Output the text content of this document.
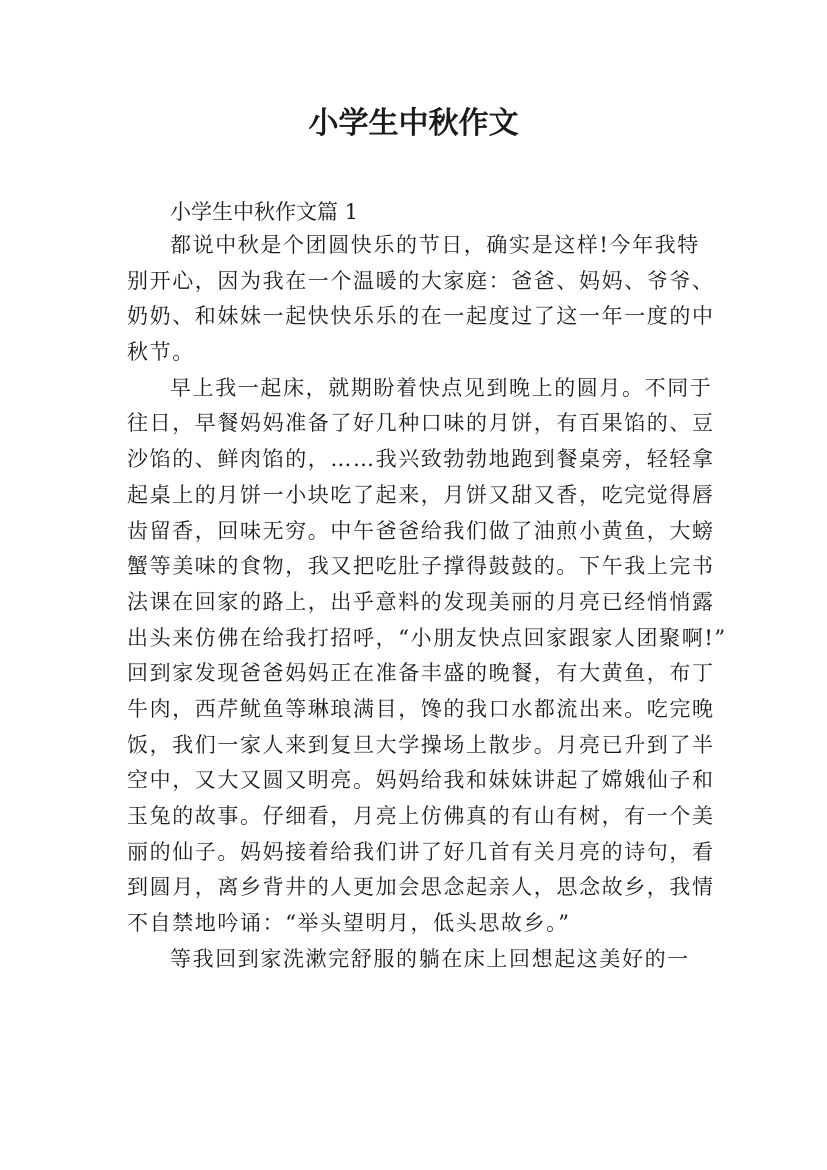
小学生中秋作文

小学生中秋作文篇 1

都说中秋是个团圆快乐的节日，确实是这样!今年我特
别开心，因为我在一个温暖的大家庭：爸爸、妈妈、爷爷、
奶奶、和妹妹一起快快乐乐的在一起度过了这一年一度的中
秋节。
早上我一起床，就期盼着快点见到晚上的圆月。不同于
往日，早餐妈妈准备了好几种口味的月饼，有百果馅的、豆
沙馅的、鲜肉馅的，……我兴致勃勃地跑到餐桌旁，轻轻拿
起桌上的月饼一小块吃了起来，月饼又甜又香，吃完觉得唇
齿留香，回味无穷。中午爸爸给我们做了油煎小黄鱼，大螃
蟹等美味的食物，我又把吃肚子撑得鼓鼓的。下午我上完书
法课在回家的路上，出乎意料的发现美丽的月亮已经悄悄露
出头来仿佛在给我打招呼，“小朋友快点回家跟家人团聚啊!”
回到家发现爸爸妈妈正在准备丰盛的晚餐，有大黄鱼，布丁
牛肉，西芹鱿鱼等琳琅满目，馋的我口水都流出来。吃完晚
饭，我们一家人来到复旦大学操场上散步。月亮已升到了半
空中，又大又圆又明亮。妈妈给我和妹妹讲起了嫦娥仙子和
玉兔的故事。仔细看，月亮上仿佛真的有山有树，有一个美
丽的仙子。妈妈接着给我们讲了好几首有关月亮的诗句，看
到圆月，离乡背井的人更加会思念起亲人，思念故乡，我情
不自禁地吟诵：“举头望明月，低头思故乡。”
等我回到家洗漱完舒服的躺在床上回想起这美好的一
